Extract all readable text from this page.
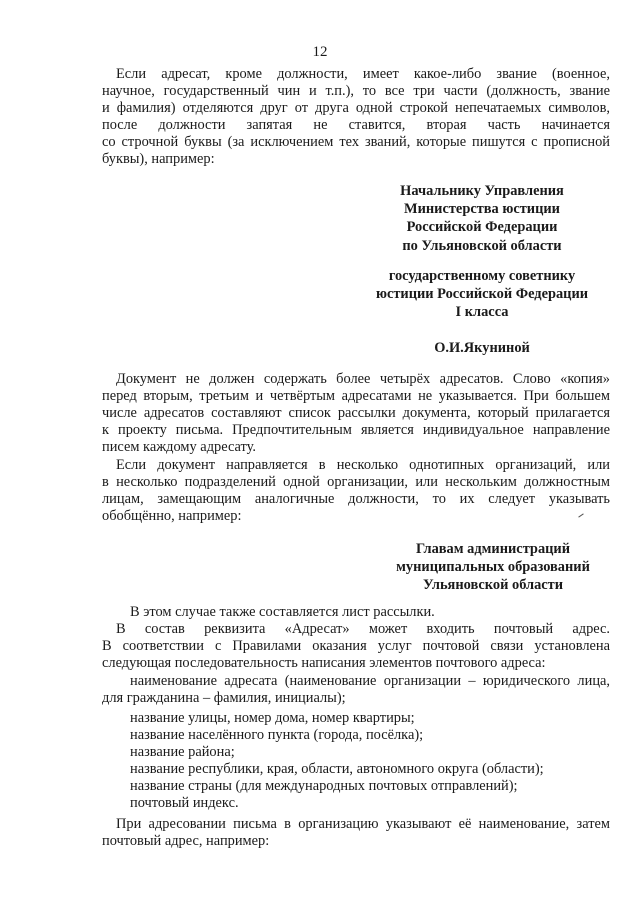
12

Если адресат, кроме должности, имеет какое-либо звание (военное,

научное, государственный чин и т.п.), то все три части (должность, звание

и фамилия) отделяются друг от друга одной строкой непечатаемых символов,

после должности запятая не ставится, вторая часть начинается

со строчной буквы (за исключением тех званий, которые пишутся с прописной

буквы), например:

Начальнику Управления
Министерства юстиции
Российской Федерации
по Ульяновской области
государственному советнику
юстиции Российской Федерации
I класса
О.И.Якуниной

Документ не должен содержать более четырёх адресатов. Слово «копия»

перед вторым, третьим и четвёртым адресатами не указывается. При большем

числе адресатов составляют список рассылки документа, который прилагается

к проекту письма. Предпочтительным является индивидуальное направление

писем каждому адресату.

Если документ направляется в несколько однотипных организаций, или

в несколько подразделений одной организации, или нескольким должностным

лицам, замещающим аналогичные должности, то их следует указывать

обобщённо, например:

Главам администраций
муниципальных образований
Ульяновской области

В этом случае также составляется лист рассылки.

В состав реквизита «Адресат» может входить почтовый адрес.

В соответствии с Правилами оказания услуг почтовой связи установлена

следующая последовательность написания элементов почтового адреса:

наименование адресата (наименование организации – юридического лица,

для гражданина – фамилия, инициалы);

название улицы, номер дома, номер квартиры;
название населённого пункта (города, посёлка);
название района;
название республики, края, области, автономного округа (области);
название страны (для международных почтовых отправлений);
почтовый индекс.

При адресовании письма в организацию указывают её наименование, затем

почтовый адрес, например:
